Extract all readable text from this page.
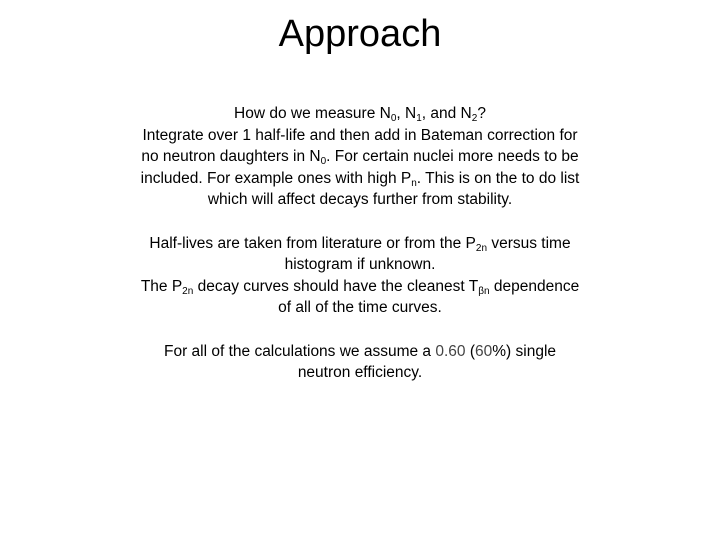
Approach

How do we measure $N_0$, $N_1$, and $N_2$?

Integrate over 1 half-life and then add in Bateman correction for no neutron daughters in $N_0$. For certain nuclei more needs to be included. For example ones with high $P_n$. This is on the to do list which will affect decays further from stability.

Half-lives are taken from literature or from the $P_{2n}$ versus time histogram if unknown.

The $P_{2n}$ decay curves should have the cleanest $T_{\beta n}$ dependence of all of the time curves.

For all of the calculations we assume a 0.60 (60%) single neutron efficiency.
